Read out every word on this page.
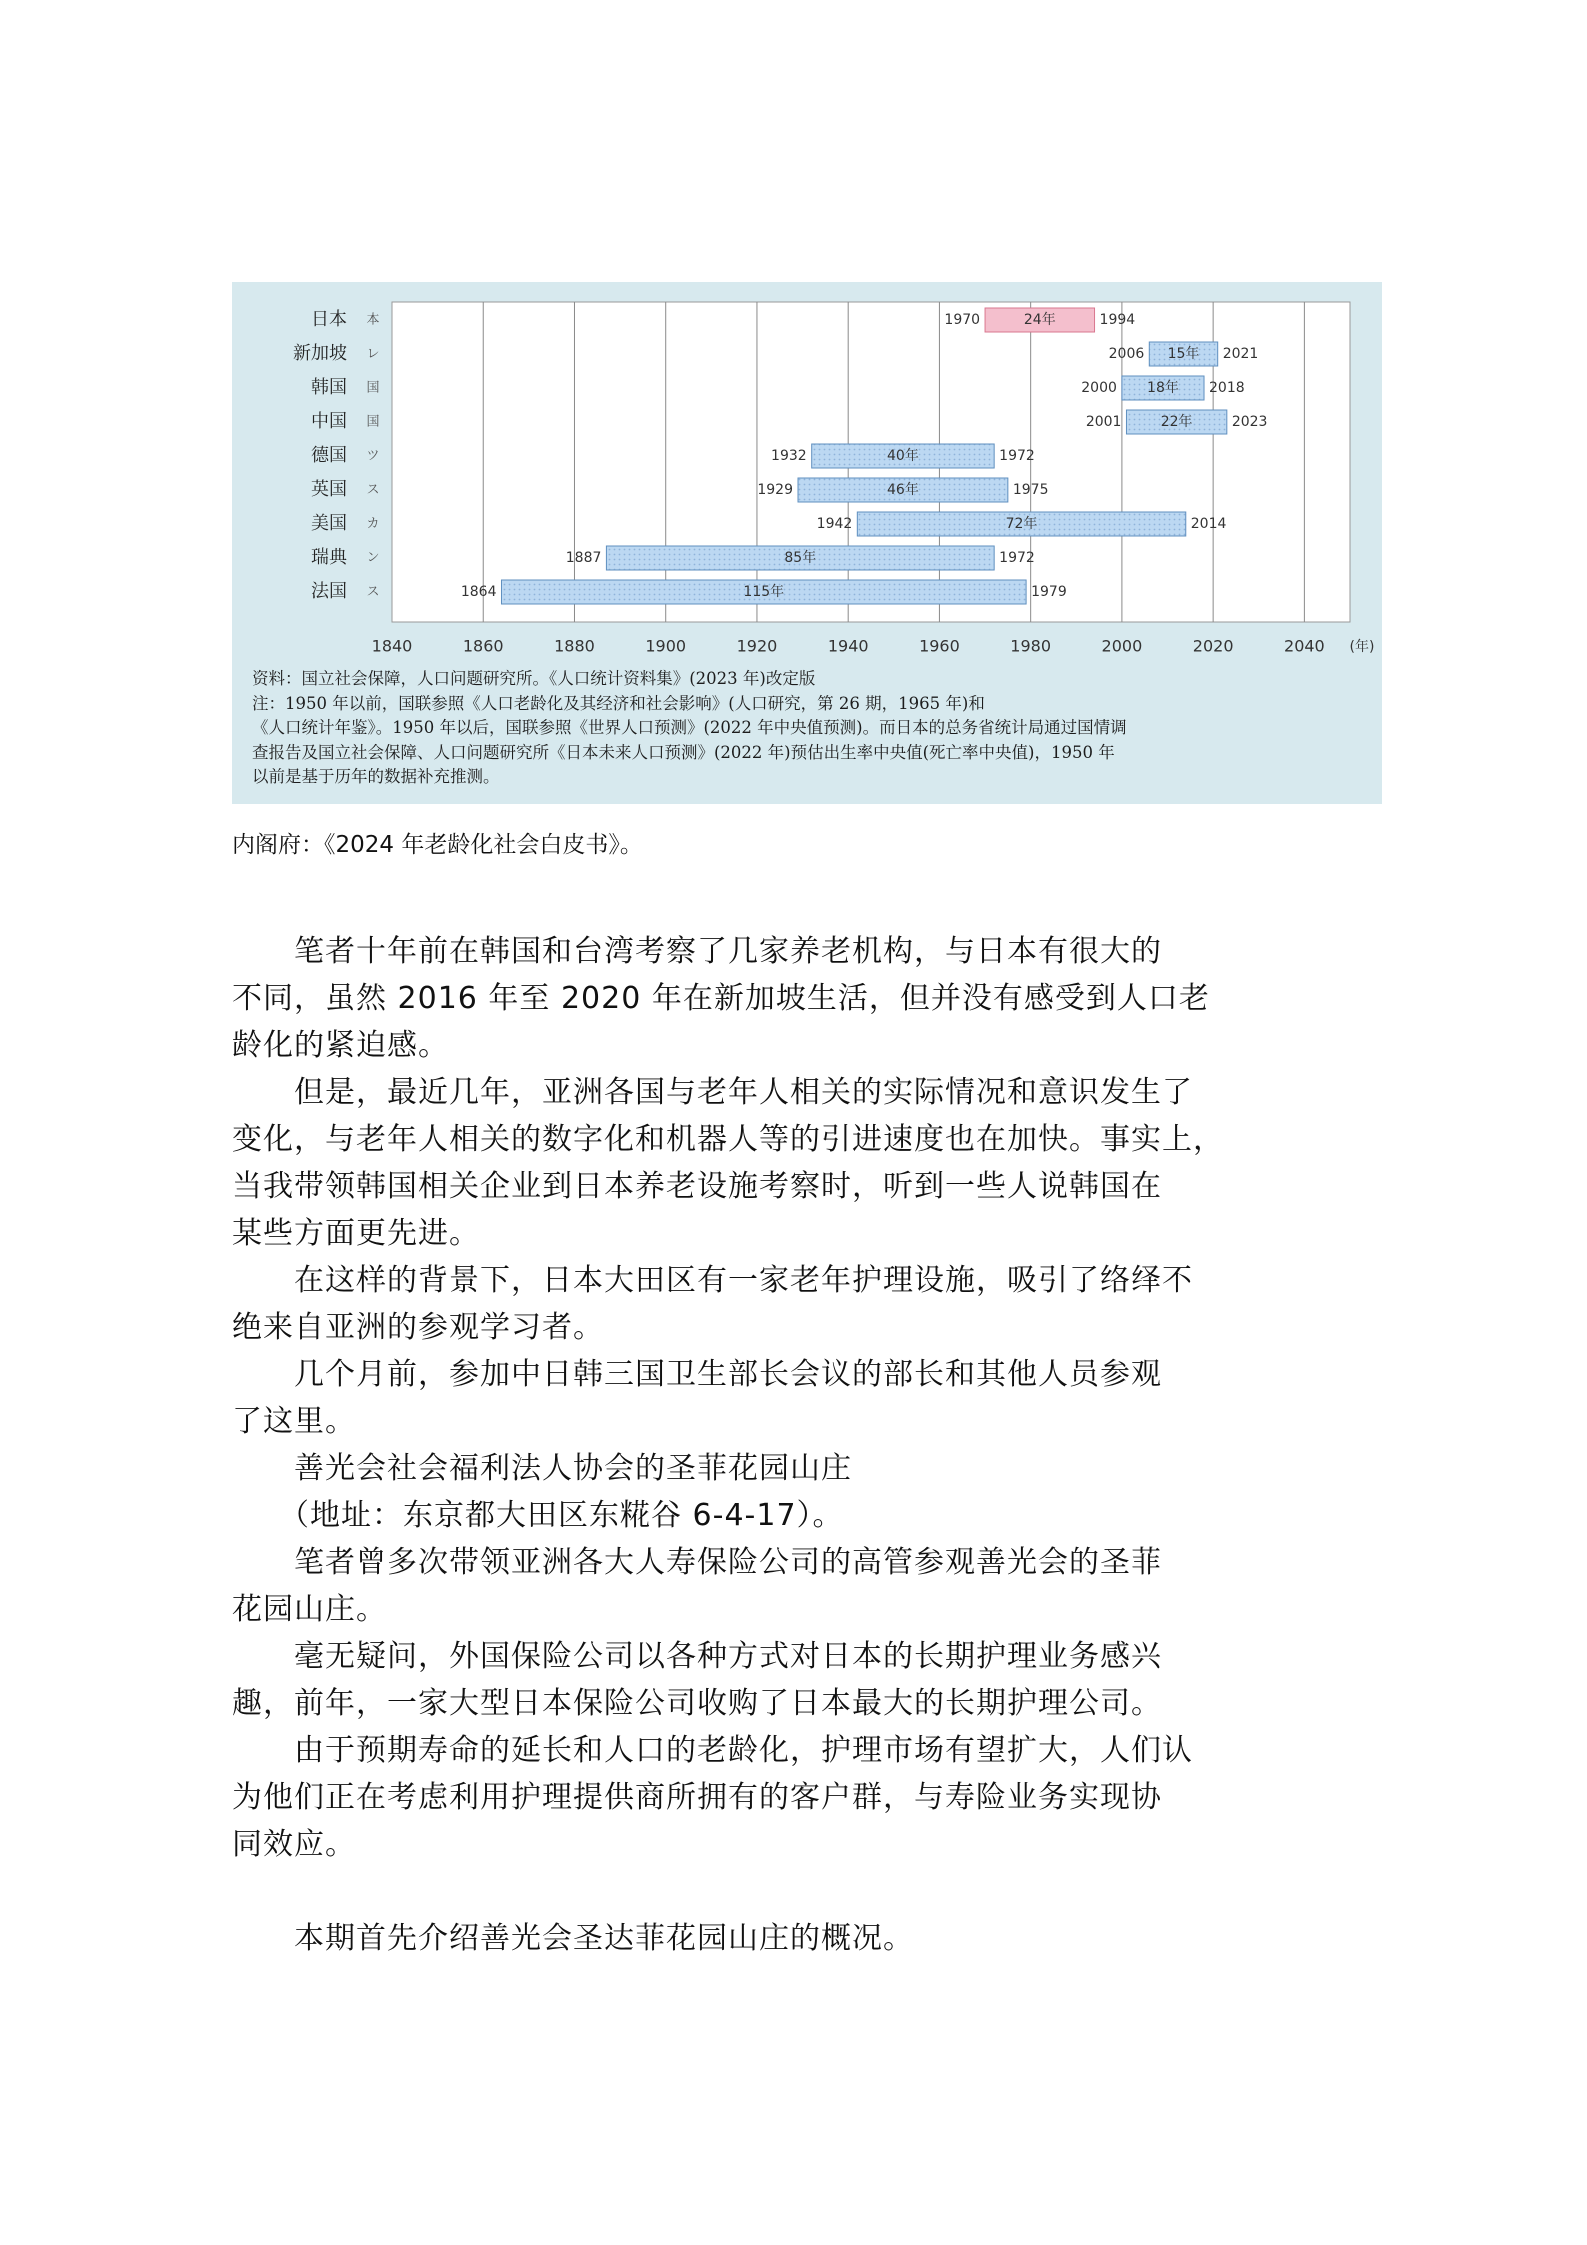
1840	1860	1880	1900	1920	1940	1960	1980	2000	2020	2040 (年)
日本 本
新加坡 レ
韩国 国
中国 国
德国 ツ
英国 ス
美国 カ
瑞典 ン
法国 ス
24年
1970	1994
15年
2006	2021
18年
2000	2018
22年
2001	2023
40年
1932	1972
46年
1929	1975
72年
1942	2014
85年
1887	1972
115年
1864	1979
资料：国立社会保障，人口问题研究所。《人口统计资料集》(2023 年)改定版
注：1950 年以前，国联参照《人口老龄化及其经济和社会影响》(人口研究，第 26 期，1965 年)和
《人口统计年鉴》。1950 年以后，国联参照《世界人口预测》(2022 年中央值预测)。而日本的总务省统计局通过国情调
查报告及国立社会保障、人口问题研究所《日本未来人口预测》(2022 年)预估出生率中央值(死亡率中央值)，1950 年
以前是基于历年的数据补充推测。
内阁府：《2024 年老龄化社会白皮书》。
　　笔者十年前在韩国和台湾考察了几家养老机构，与日本有很大的
不同，虽然 2016 年至 2020 年在新加坡生活，但并没有感受到人口老
龄化的紧迫感。
　　但是，最近几年，亚洲各国与老年人相关的实际情况和意识发生了
变化，与老年人相关的数字化和机器人等的引进速度也在加快。事实上，
当我带领韩国相关企业到日本养老设施考察时，听到一些人说韩国在
某些方面更先进。
　　在这样的背景下，日本大田区有一家老年护理设施，吸引了络绎不
绝来自亚洲的参观学习者。
　　几个月前，参加中日韩三国卫生部长会议的部长和其他人员参观
了这里。
　　善光会社会福利法人协会的圣菲花园山庄
　　（地址：东京都大田区东糀谷 6-4-17）。
　　笔者曾多次带领亚洲各大人寿保险公司的高管参观善光会的圣菲
花园山庄。
　　毫无疑问，外国保险公司以各种方式对日本的长期护理业务感兴
趣，前年，一家大型日本保险公司收购了日本最大的长期护理公司。
　　由于预期寿命的延长和人口的老龄化，护理市场有望扩大，人们认
为他们正在考虑利用护理提供商所拥有的客户群，与寿险业务实现协
同效应。
　　本期首先介绍善光会圣达菲花园山庄的概况。
